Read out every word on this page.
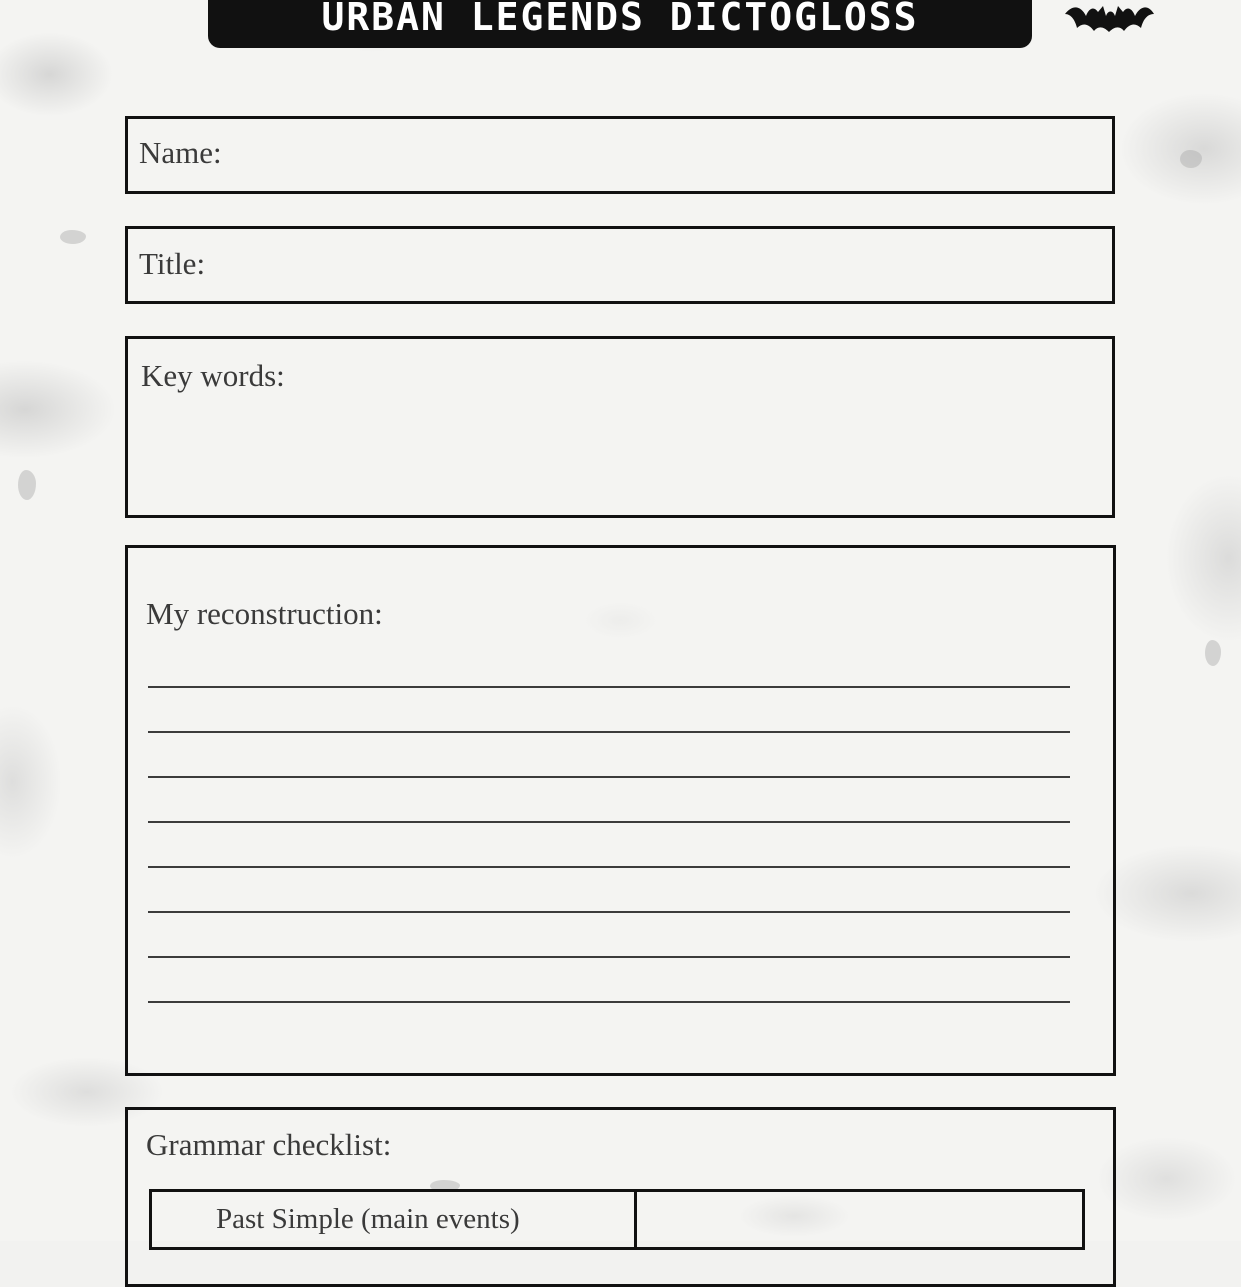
URBAN LEGENDS DICTOGLOSS
Name:
Title:
Key words:
My reconstruction:
Grammar checklist:
Past Simple (main events)	
